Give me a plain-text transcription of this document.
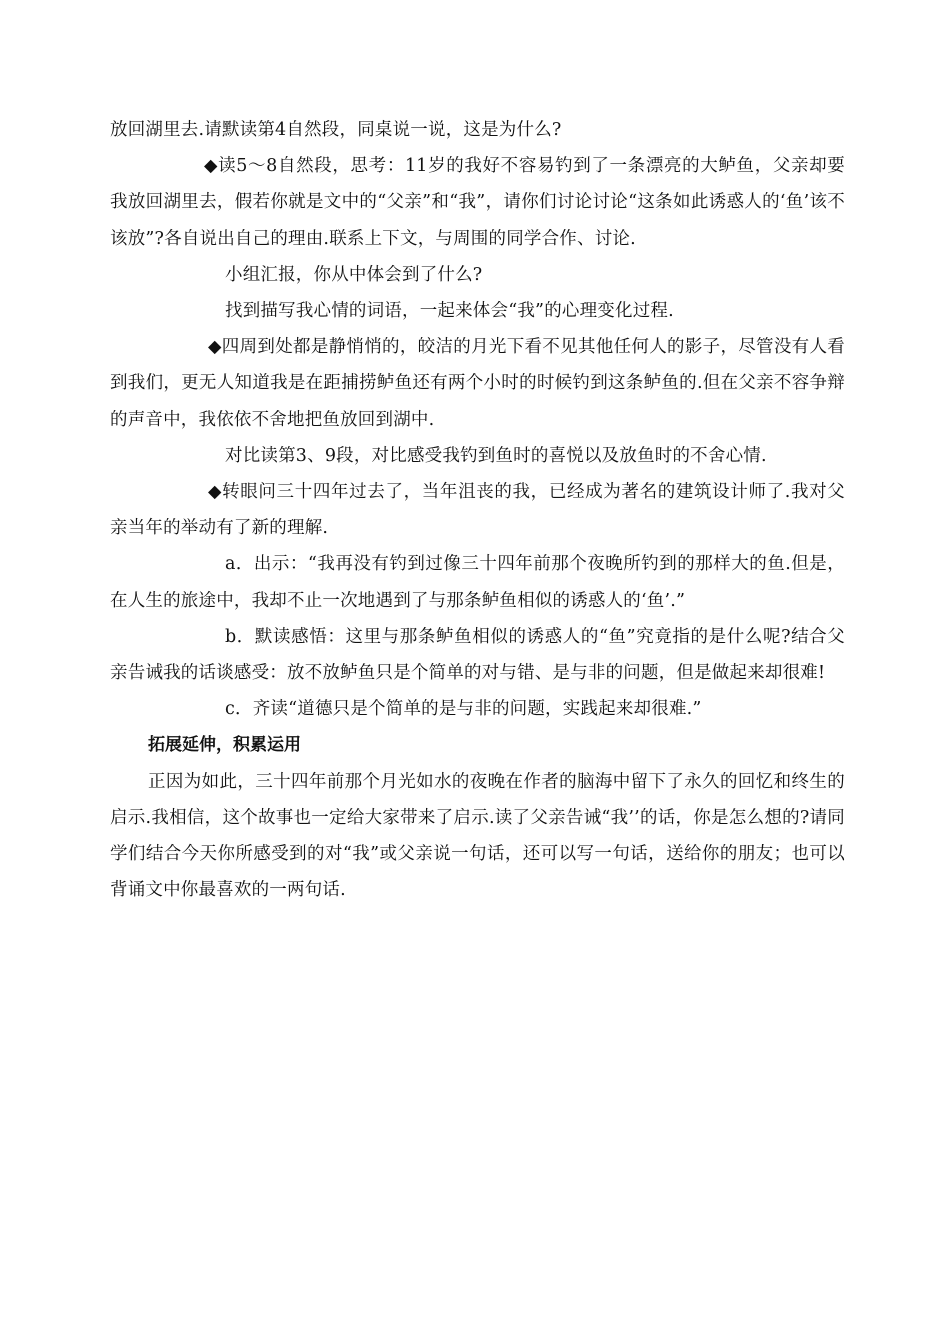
放回湖里去.请默读第4自然段，同桌说一说，这是为什么?

◆读5～8自然段，思考：11岁的我好不容易钓到了一条漂亮的大鲈鱼，父亲却要我放回湖里去，假若你就是文中的“父亲”和“我”，请你们讨论讨论“这条如此诱惑人的‘鱼’该不该放”?各自说出自己的理由.联系上下文，与周围的同学合作、讨论.

小组汇报，你从中体会到了什么?

找到描写我心情的词语，一起来体会“我”的心理变化过程.

◆四周到处都是静悄悄的，皎洁的月光下看不见其他任何人的影子，尽管没有人看到我们，更无人知道我是在距捕捞鲈鱼还有两个小时的时候钓到这条鲈鱼的.但在父亲不容争辩的声音中，我依依不舍地把鱼放回到湖中.

对比读第3、9段，对比感受我钓到鱼时的喜悦以及放鱼时的不舍心情.

◆转眼问三十四年过去了，当年沮丧的我，已经成为著名的建筑设计师了.我对父亲当年的举动有了新的理解.

a．出示：“我再没有钓到过像三十四年前那个夜晚所钓到的那样大的鱼.但是，在人生的旅途中，我却不止一次地遇到了与那条鲈鱼相似的诱惑人的‘鱼’.”

b．默读感悟：这里与那条鲈鱼相似的诱惑人的“鱼”究竟指的是什么呢?结合父亲告诫我的话谈感受：放不放鲈鱼只是个简单的对与错、是与非的问题，但是做起来却很难!

c．齐读“道德只是个简单的是与非的问题，实践起来却很难.”

拓展延伸，积累运用

正因为如此，三十四年前那个月光如水的夜晚在作者的脑海中留下了永久的回忆和终生的启示.我相信，这个故事也一定给大家带来了启示.读了父亲告诫“我’’的话，你是怎么想的?请同学们结合今天你所感受到的对“我”或父亲说一句话，还可以写一句话，送给你的朋友；也可以背诵文中你最喜欢的一两句话.
